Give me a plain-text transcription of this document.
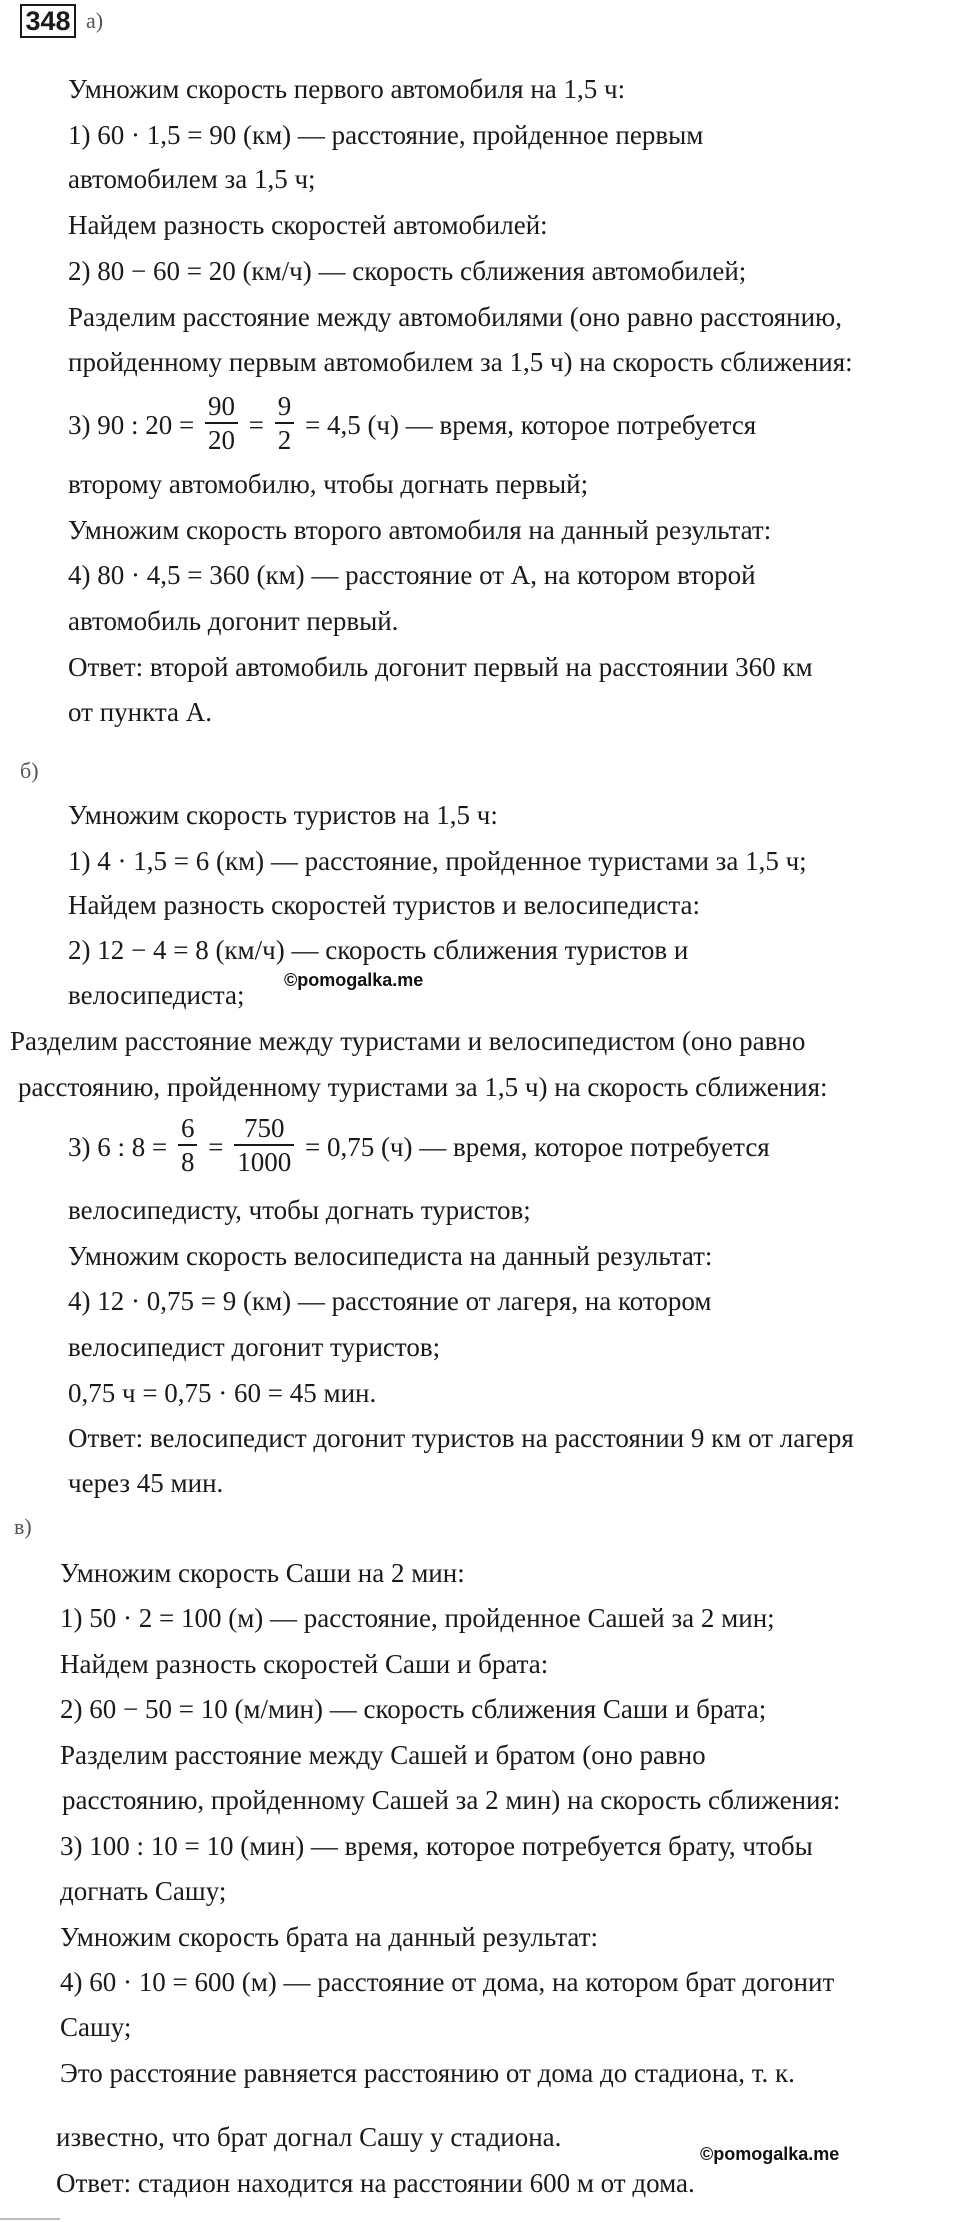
348 а)
Умножим скорость первого автомобиля на 1,5 ч:
1) 60 · 1,5 = 90 (км) — расстояние, пройденное первым
автомобилем за 1,5 ч;
Найдем разность скоростей автомобилей:
2) 80 − 60 = 20 (км/ч) — скорость сближения автомобилей;
Разделим расстояние между автомобилями (оно равно расстоянию,
пройденному первым автомобилем за 1,5 ч) на скорость сближения:
3) 90 : $20 = \frac{90}{20} = \frac{9}{2} = 4,5$ (ч) — время, которое потребуется
второму автомобилю, чтобы догнать первый;
Умножим скорость второго автомобиля на данный результат:
4) 80 · 4,5 = 360 (км) — расстояние от А, на котором второй
автомобиль догонит первый.
Ответ: второй автомобиль догонит первый на расстоянии 360 км
от пункта А.
б)
Умножим скорость туристов на 1,5 ч:
1) 4 · 1,5 = 6 (км) — расстояние, пройденное туристами за 1,5 ч;
Найдем разность скоростей туристов и велосипедиста:
2) 12 − 4 = 8 (км/ч) — скорость сближения туристов и
велосипедиста; ©pomogalka.me
Разделим расстояние между туристами и велосипедистом (оно равно
расстоянию, пройденному туристами за 1,5 ч) на скорость сближения:
3) 6 : $8 = \frac{6}{8} = \frac{750}{1000} = 0,75$ (ч) — время, которое потребуется
велосипедисту, чтобы догнать туристов;
Умножим скорость велосипедиста на данный результат:
4) 12 · 0,75 = 9 (км) — расстояние от лагеря, на котором
велосипедист догонит туристов;
0,75 ч = 0,75 · 60 = 45 мин.
Ответ: велосипедист догонит туристов на расстоянии 9 км от лагеря
через 45 мин.
в)
Умножим скорость Саши на 2 мин:
1) 50 · 2 = 100 (м) — расстояние, пройденное Сашей за 2 мин;
Найдем разность скоростей Саши и брата:
2) 60 − 50 = 10 (м/мин) — скорость сближения Саши и брата;
Разделим расстояние между Сашей и братом (оно равно
расстоянию, пройденному Сашей за 2 мин) на скорость сближения:
3) 100 : 10 = 10 (мин) — время, которое потребуется брату, чтобы
догнать Сашу;
Умножим скорость брата на данный результат:
4) 60 · 10 = 600 (м) — расстояние от дома, на котором брат догонит
Сашу;
Это расстояние равняется расстоянию от дома до стадиона, т. к.
известно, что брат догнал Сашу у стадиона.
©pomogalka.me
Ответ: стадион находится на расстоянии 600 м от дома.
